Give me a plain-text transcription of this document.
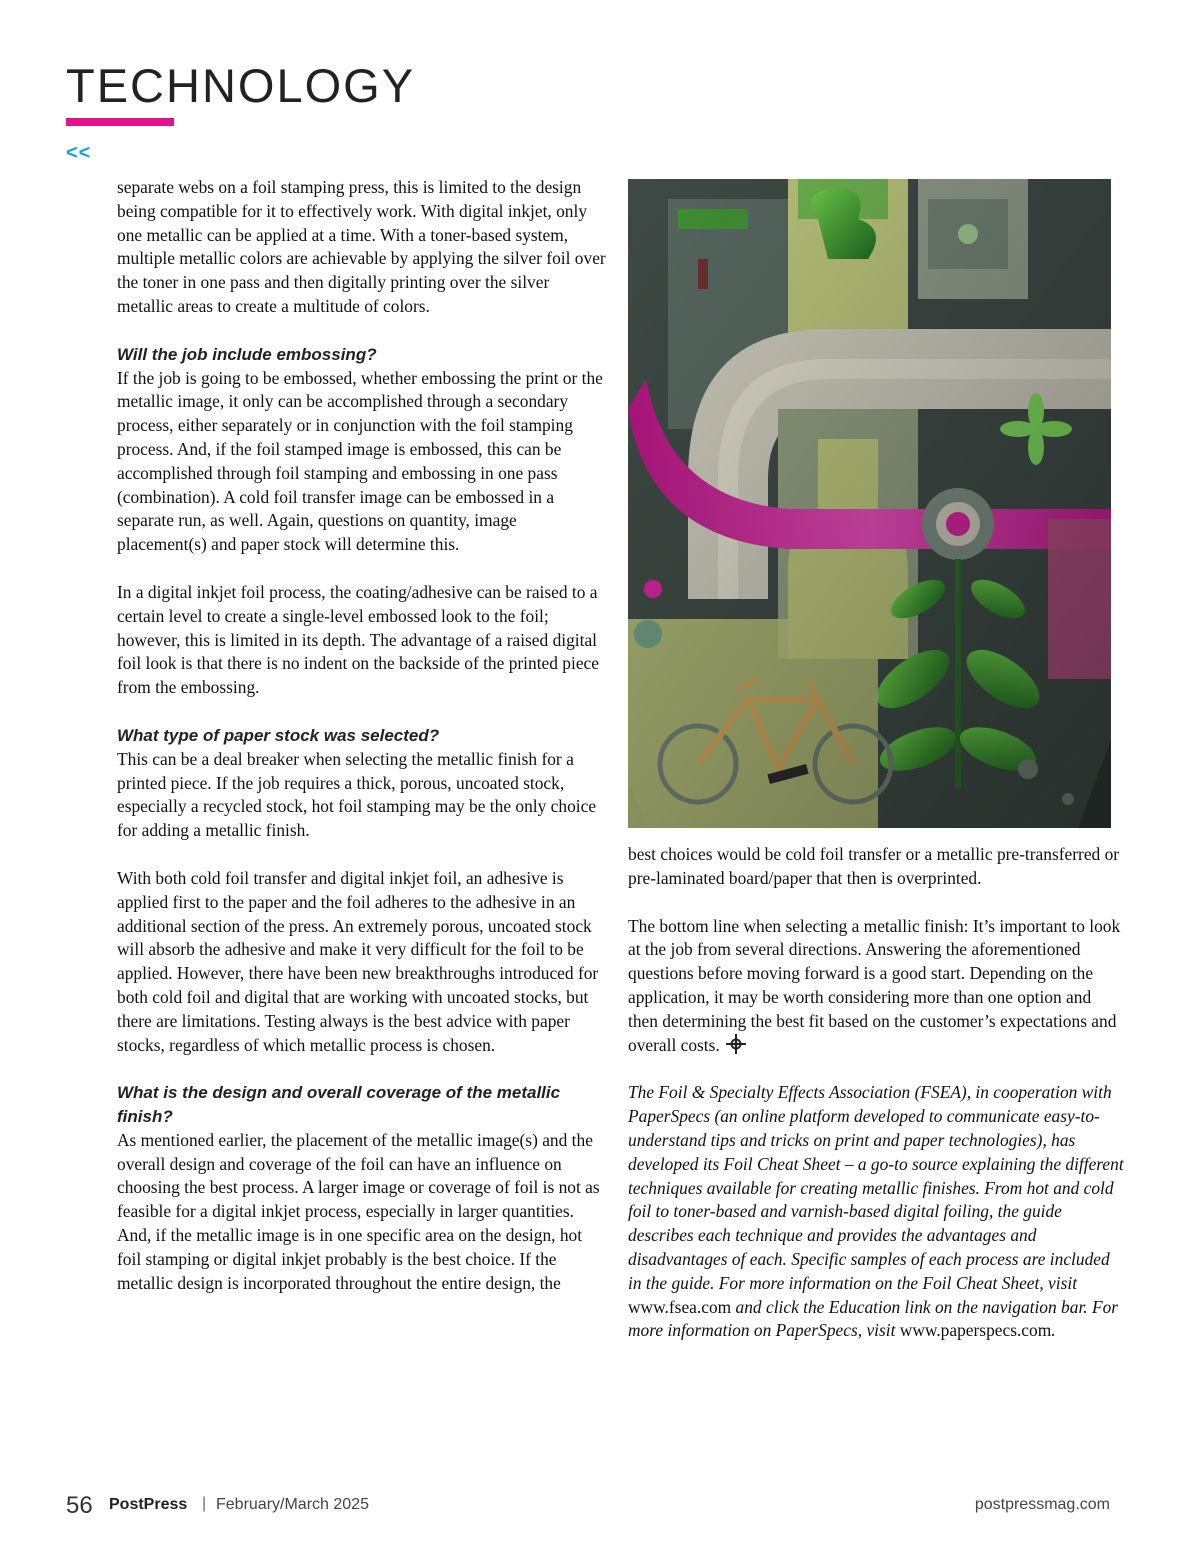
TECHNOLOGY
<<

separate webs on a foil stamping press, this is limited to the design being compatible for it to effectively work. With digital inkjet, only one metallic can be applied at a time. With a toner-based system, multiple metallic colors are achievable by applying the silver foil over the toner in one pass and then digitally printing over the silver metallic areas to create a multitude of colors.

Will the job include embossing?

If the job is going to be embossed, whether embossing the print or the metallic image, it only can be accomplished through a secondary process, either separately or in conjunction with the foil stamping process. And, if the foil stamped image is embossed, this can be accomplished through foil stamping and embossing in one pass (combination). A cold foil transfer image can be embossed in a separate run, as well. Again, questions on quantity, image placement(s) and paper stock will determine this.

In a digital inkjet foil process, the coating/adhesive can be raised to a certain level to create a single-level embossed look to the foil; however, this is limited in its depth. The advantage of a raised digital foil look is that there is no indent on the backside of the printed piece from the embossing.

What type of paper stock was selected?

This can be a deal breaker when selecting the metallic finish for a printed piece. If the job requires a thick, porous, uncoated stock, especially a recycled stock, hot foil stamping may be the only choice for adding a metallic finish.

With both cold foil transfer and digital inkjet foil, an adhesive is applied first to the paper and the foil adheres to the adhesive in an additional section of the press. An extremely porous, uncoated stock will absorb the adhesive and make it very difficult for the foil to be applied. However, there have been new breakthroughs introduced for both cold foil and digital that are working with uncoated stocks, but there are limitations. Testing always is the best advice with paper stocks, regardless of which metallic process is chosen.

What is the design and overall coverage of the metallic finish?

As mentioned earlier, the placement of the metallic image(s) and the overall design and coverage of the foil can have an influence on choosing the best process. A larger image or coverage of foil is not as feasible for a digital inkjet process, especially in larger quantities. And, if the metallic image is in one specific area on the design, hot foil stamping or digital inkjet probably is the best choice. If the metallic design is incorporated throughout the entire design, the

best choices would be cold foil transfer or a metallic pre-transferred or pre-laminated board/paper that then is overprinted.

The bottom line when selecting a metallic finish: It’s important to look at the job from several directions. Answering the aforementioned questions before moving forward is a good start. Depending on the application, it may be worth considering more than one option and then determining the best fit based on the customer’s expectations and overall costs.

The Foil & Specialty Effects Association (FSEA), in cooperation with PaperSpecs (an online platform developed to communicate easy-to-understand tips and tricks on print and paper technologies), has developed its Foil Cheat Sheet – a go-to source explaining the different techniques available for creating metallic finishes. From hot and cold foil to toner-based and varnish-based digital foiling, the guide describes each technique and provides the advantages and disadvantages of each. Specific samples of each process are included in the guide. For more information on the Foil Cheat Sheet, visit www.fsea.com and click the Education link on the navigation bar. For more information on PaperSpecs, visit www.paperspecs.com.

56 PostPress | February/March 2025	postpressmag.com
